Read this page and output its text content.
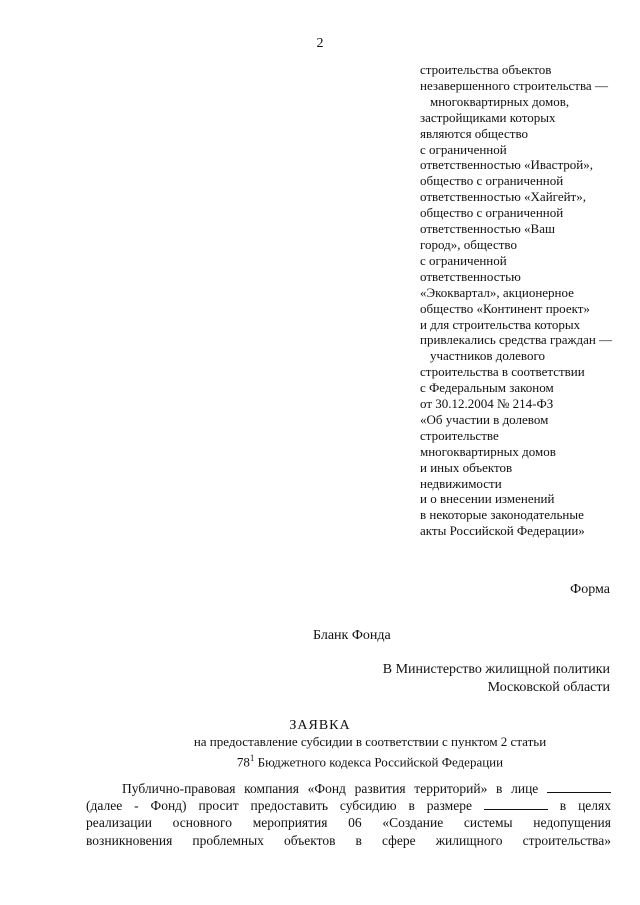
2
строительства объектов
незавершенного строительства —
многоквартирных домов,
застройщиками которых
являются общество
с ограниченной
ответственностью «Ивастрой»,
общество с ограниченной
ответственностью «Хайгейт»,
общество с ограниченной
ответственностью «Ваш
город», общество
с ограниченной
ответственностью
«Экоквартал», акционерное
общество «Континент проект»
и для строительства которых
привлекались средства граждан —
участников долевого
строительства в соответствии
с Федеральным законом
от 30.12.2004 № 214-ФЗ
«Об участии в долевом
строительстве
многоквартирных домов
и иных объектов
недвижимости
и о внесении изменений
в некоторые законодательные
акты Российской Федерации»
Форма
Бланк Фонда
В Министерство жилищной политики
Московской области
ЗАЯВКА
на предоставление субсидии в соответствии с пунктом 2 статьи
$78^1$ Бюджетного кодекса Российской Федерации
Публично-правовая компания «Фонд развития территорий» в лице
(далее - Фонд) просит предоставить субсидию в размере	в целях
реализации основного мероприятия 06 «Создание системы недопущения
возникновения проблемных объектов в сфере жилищного строительства»
